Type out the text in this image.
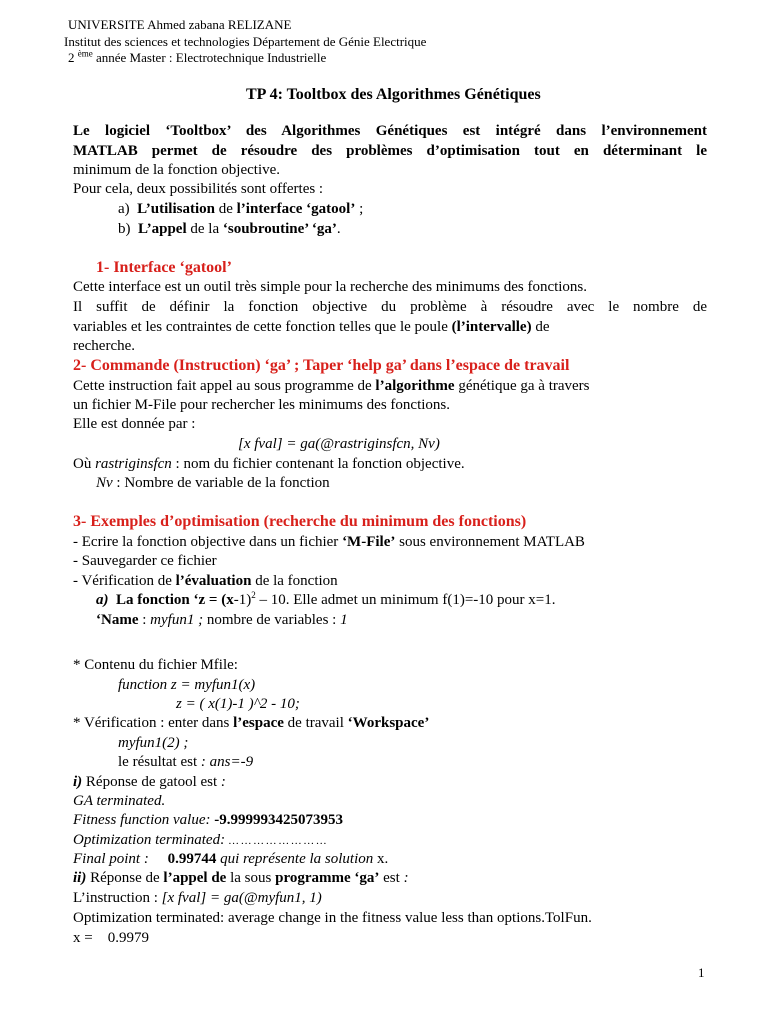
UNIVERSITE Ahmed zabana RELIZANE
Institut des sciences et technologies Département de Génie Electrique
2 $^{ème}$ année Master : Electrotechnique Industrielle
TP 4: Tooltbox des Algorithmes Génétiques
Le logiciel ‘Tooltbox’ des Algorithmes Génétiques est intégré dans l’environnement
MATLAB permet de résoudre des problèmes d’optimisation tout en déterminant le
minimum de la fonction objective.
Pour cela, deux possibilités sont offertes :
a) L’utilisation de l’interface ‘gatool’ ;
b) L’appel de la ‘soubroutine’ ‘ga’.
1- Interface ‘gatool’
Cette interface est un outil très simple pour la recherche des minimums des fonctions.
Il suffit de définir la fonction objective du problème à résoudre avec le nombre de
variables et les contraintes de cette fonction telles que le poule (l’intervalle) de
recherche.
2- Commande (Instruction) ‘ga’ ; Taper ‘help ga’ dans l’espace de travail
Cette instruction fait appel au sous programme de l’algorithme génétique ga à travers
un fichier M-File pour rechercher les minimums des fonctions.
Elle est donnée par :
[x fval] = ga(@rastriginsfcn, Nv)
Où rastriginsfcn : nom du fichier contenant la fonction objective.
Nv : Nombre de variable de la fonction
3- Exemples d’optimisation (recherche du minimum des fonctions)
- Ecrire la fonction objective dans un fichier ‘M-File’ sous environnement MATLAB
- Sauvegarder ce fichier
- Vérification de l’évaluation de la fonction
a) La fonction ‘$z = (x-1)^2 - 10$. Elle admet un minimum f(1)=-10 pour x=1.
‘Name : myfun1 ; nombre de variables : 1
* Contenu du fichier Mfile:
function z = myfun1(x)
z = ( x(1)-1 )^2 - 10;
* Vérification : enter dans l’espace de travail ‘Workspace’
myfun1(2) ;
le résultat est : ans=-9
i) Réponse de gatool est :
GA terminated.
Fitness function value: -9.999993425073953
Optimization terminated: … … … … … … … …
Final point : 0.99744 qui représente la solution x.
ii) Réponse de l’appel de la sous programme ‘ga’ est :
L’instruction : [x fval] = ga(@myfun1, 1)
Optimization terminated: average change in the fitness value less than options.TolFun.
x = 0.9979
1
